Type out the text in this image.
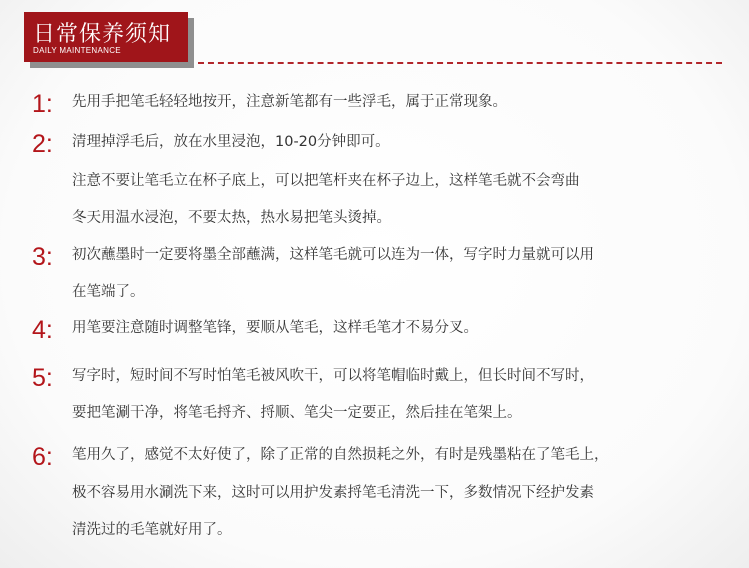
日常保养须知
DAILY MAINTENANCE
1: 先用手把笔毛轻轻地按开，注意新笔都有一些浮毛，属于正常现象。
2: 清理掉浮毛后，放在水里浸泡，10-20分钟即可。
注意不要让笔毛立在杯子底上，可以把笔杆夹在杯子边上，这样笔毛就不会弯曲
冬天用温水浸泡，不要太热，热水易把笔头烫掉。
3: 初次蘸墨时一定要将墨全部蘸满，这样笔毛就可以连为一体，写字时力量就可以用
在笔端了。
4: 用笔要注意随时调整笔锋，要顺从笔毛，这样毛笔才不易分叉。
5: 写字时，短时间不写时怕笔毛被风吹干，可以将笔帽临时戴上，但长时间不写时，
要把笔涮干净，将笔毛捋齐、捋顺、笔尖一定要正，然后挂在笔架上。
6: 笔用久了，感觉不太好使了，除了正常的自然损耗之外，有时是残墨粘在了笔毛上，
极不容易用水涮洗下来，这时可以用护发素捋笔毛清洗一下，多数情况下经护发素
清洗过的毛笔就好用了。
